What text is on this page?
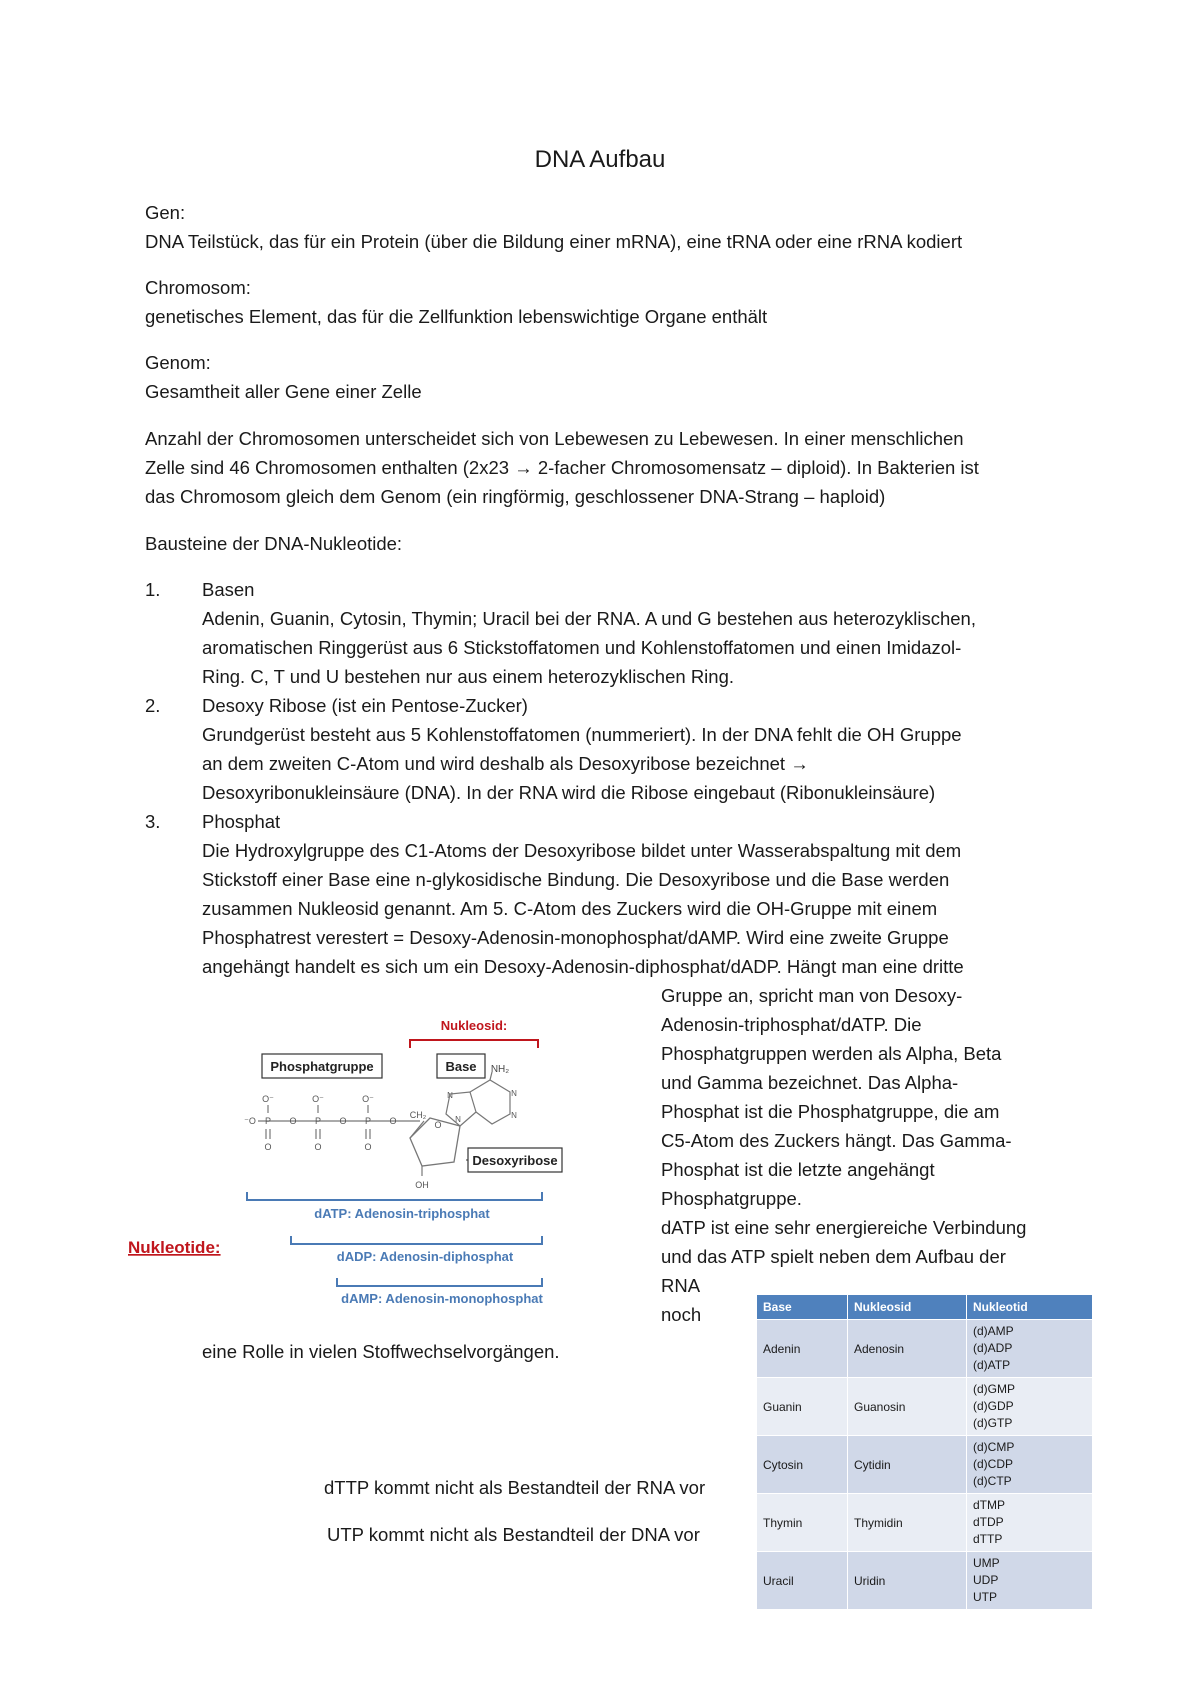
DNA Aufbau
Gen:
DNA Teilstück, das für ein Protein (über die Bildung einer mRNA), eine tRNA oder eine rRNA kodiert
Chromosom:
genetisches Element, das für die Zellfunktion lebenswichtige Organe enthält
Genom:
Gesamtheit aller Gene einer Zelle
Anzahl der Chromosomen unterscheidet sich von Lebewesen zu Lebewesen. In einer menschlichen
Zelle sind 46 Chromosomen enthalten (2x23 → 2-facher Chromosomensatz – diploid). In Bakterien ist
das Chromosom gleich dem Genom (ein ringförmig, geschlossener DNA-Strang – haploid)
Bausteine der DNA-Nukleotide:
1. Basen
Adenin, Guanin, Cytosin, Thymin; Uracil bei der RNA. A und G bestehen aus heterozyklischen,
aromatischen Ringgerüst aus 6 Stickstoffatomen und Kohlenstoffatomen und einen Imidazol-
Ring. C, T und U bestehen nur aus einem heterozyklischen Ring.
2. Desoxy Ribose (ist ein Pentose-Zucker)
Grundgerüst besteht aus 5 Kohlenstoffatomen (nummeriert). In der DNA fehlt die OH Gruppe
an dem zweiten C-Atom und wird deshalb als Desoxyribose bezeichnet →
Desoxyribonukleinsäure (DNA). In der RNA wird die Ribose eingebaut (Ribonukleinsäure)
3. Phosphat
Die Hydroxylgruppe des C1-Atoms der Desoxyribose bildet unter Wasserabspaltung mit dem
Stickstoff einer Base eine n-glykosidische Bindung. Die Desoxyribose und die Base werden
zusammen Nukleosid genannt. Am 5. C-Atom des Zuckers wird die OH-Gruppe mit einem
Phosphatrest verestert = Desoxy-Adenosin-monophosphat/dAMP. Wird eine zweite Gruppe
angehängt handelt es sich um ein Desoxy-Adenosin-diphosphat/dADP. Hängt man eine dritte
Gruppe an, spricht man von Desoxy-
Adenosin-triphosphat/dATP. Die
Phosphatgruppen werden als Alpha, Beta
und Gamma bezeichnet. Das Alpha-
Phosphat ist die Phosphatgruppe, die am
C5-Atom des Zuckers hängt. Das Gamma-
Phosphat ist die letzte angehängt
Phosphatgruppe.
dATP ist eine sehr energiereiche Verbindung
und das ATP spielt neben dem Aufbau der
RNA
noch
eine Rolle in vielen Stoffwechselvorgängen.
dTTP kommt nicht als Bestandteil der RNA vor
UTP kommt nicht als Bestandteil der DNA vor
Nukleosid:
Phosphatgruppe	Base NH₂
⁻O P O P O P O
CH₂
O⁻	O⁻	O⁻
O	O	O
OH
O
N	N
N
N
Desoxyribose
dATP: Adenosin-triphosphat
dADP: Adenosin-diphosphat
dAMP: Adenosin-monophosphat
Nukleotide:
Base	Nukleosid	Nukleotid
Adenin	Adenosin	(d)AMP
(d)ADP
(d)ATP

Guanin	Guanosin	(d)GMP
(d)GDP
(d)GTP

Cytosin	Cytidin	(d)CMP
(d)CDP
(d)CTP

Thymin	Thymidin	dTMP
dTDP
dTTP

Uracil	Uridin	UMP
UDP
UTP
